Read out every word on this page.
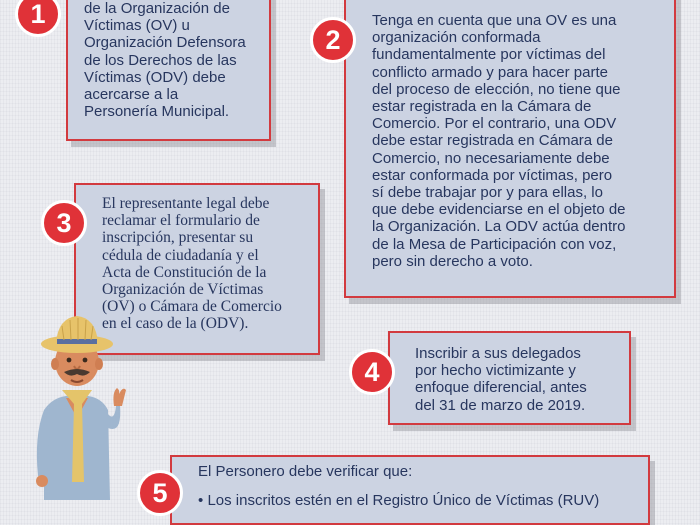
de la Organización de
Víctimas (OV) u
Organización Defensora
de los Derechos de las
Víctimas (ODV) debe
acercarse a la
Personería Municipal.

1	Tenga en cuenta que una OV es una
organización conformada
fundamentalmente por víctimas del
conflicto armado y para hacer parte
del proceso de elección, no tiene que
estar registrada en la Cámara de
Comercio. Por el contrario, una ODV
debe estar registrada en Cámara de
Comercio, no necesariamente debe
estar conformada por víctimas, pero
sí debe trabajar por y para ellas, lo
que debe evidenciarse en el objeto de
la Organización. La ODV actúa dentro
de la Mesa de Participación con voz,
pero sin derecho a voto.

2

El representante legal debe
reclamar el formulario de
inscripción, presentar su
cédula de ciudadanía y el
Acta de Constitución de la
Organización de Víctimas
(OV) o Cámara de Comercio
en el caso de la (ODV).

3

Inscribir a sus delegados
por hecho victimizante y
enfoque diferencial, antes
del 31 de marzo de 2019.

4

El Personero debe verificar que:

• Los inscritos estén en el Registro Único de Víctimas (RUV)

5
